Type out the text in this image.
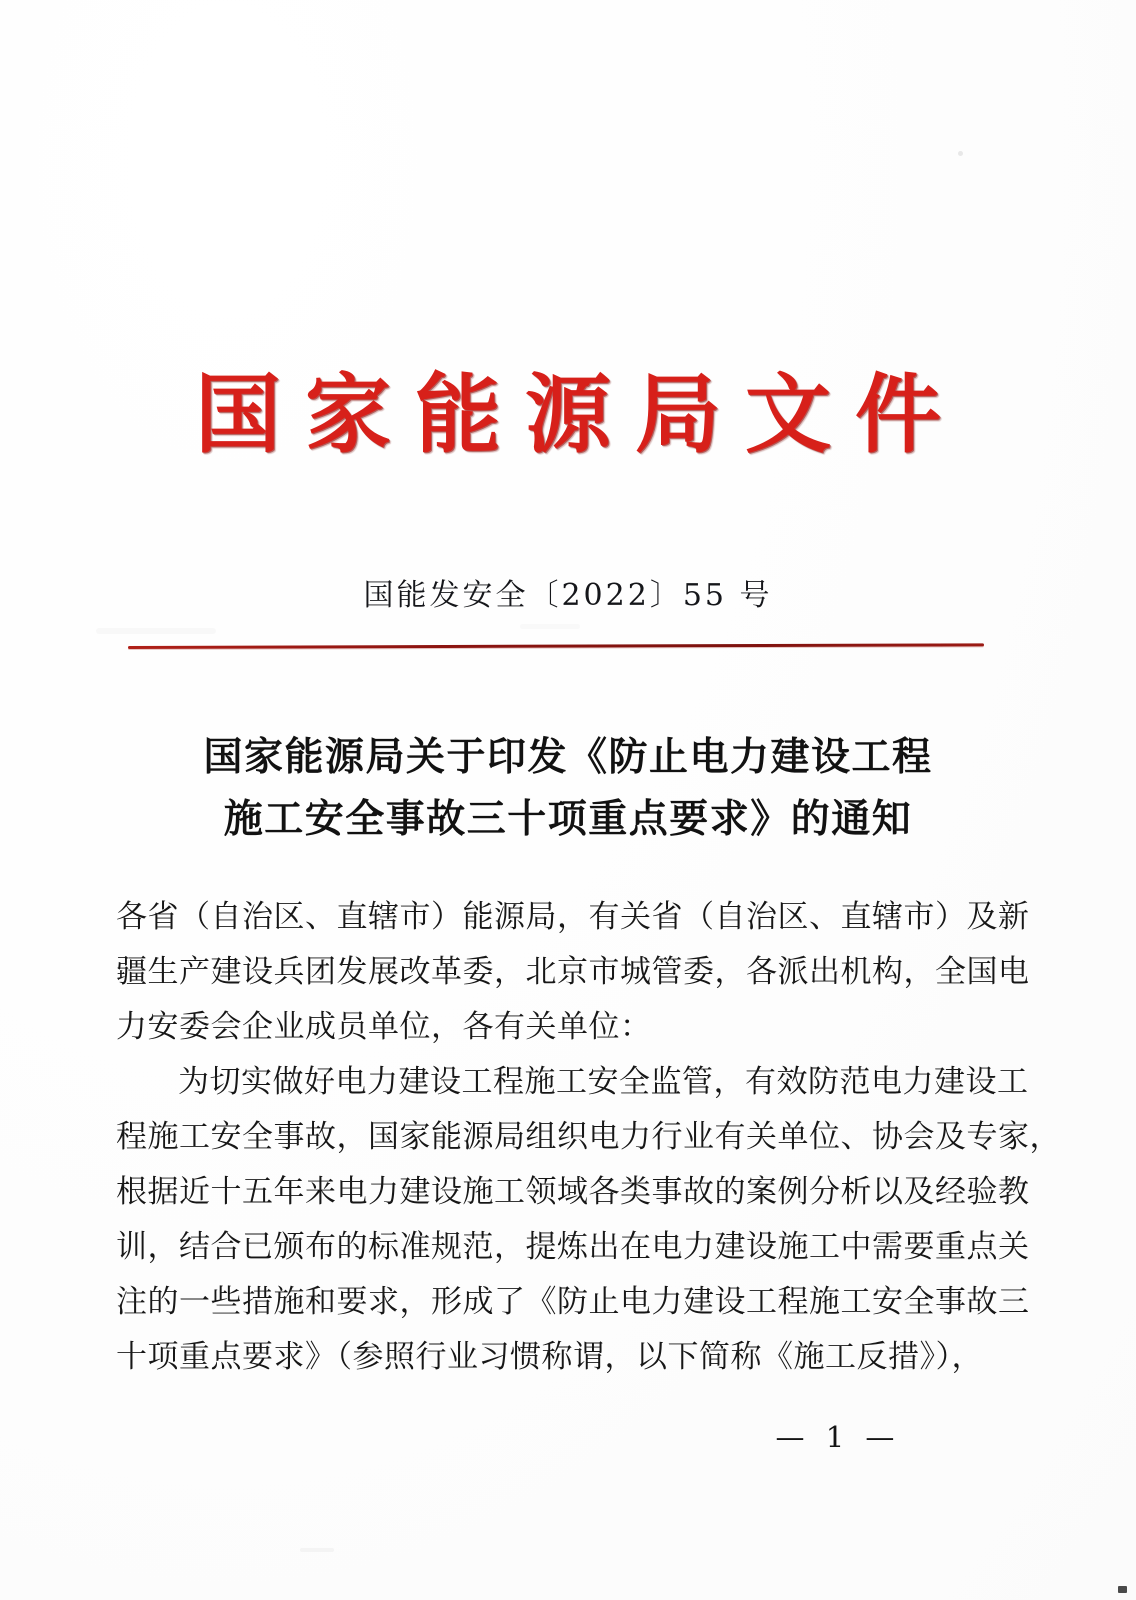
国家能源局文件
国能发安全〔2022〕55 号
国家能源局关于印发《防止电力建设工程
施工安全事故三十项重点要求》的通知

各省（自治区、直辖市）能源局，有关省（自治区、直辖市）及新
疆生产建设兵团发展改革委，北京市城管委，各派出机构，全国电
力安委会企业成员单位，各有关单位：

为切实做好电力建设工程施工安全监管，有效防范电力建设工
程施工安全事故，国家能源局组织电力行业有关单位、协会及专家，
根据近十五年来电力建设施工领域各类事故的案例分析以及经验教
训，结合已颁布的标准规范，提炼出在电力建设施工中需要重点关
注的一些措施和要求，形成了《防止电力建设工程施工安全事故三
十项重点要求》（参照行业习惯称谓，以下简称《施工反措》），

— 1 —
